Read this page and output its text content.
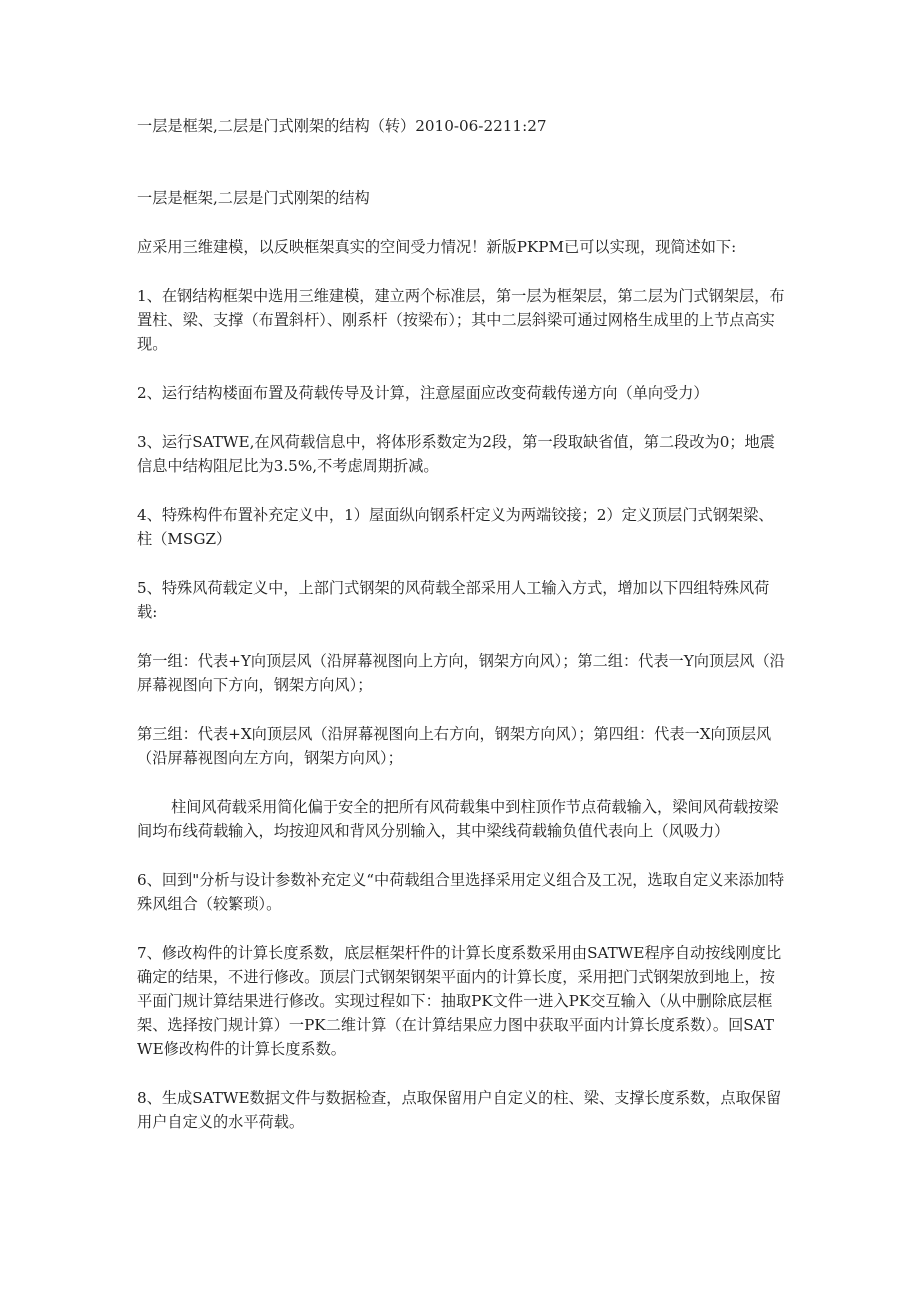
一层是框架,二层是门式刚架的结构（转）2010-06-2211:27

一层是框架,二层是门式刚架的结构

应采用三维建模，以反映框架真实的空间受力情况！新版PKPM已可以实现，现简述如下:

1、在钢结构框架中选用三维建模，建立两个标准层，第一层为框架层，第二层为门式钢架层，布置柱、梁、支撑（布置斜杆）、刚系杆（按梁布）；其中二层斜梁可通过网格生成里的上节点高实现。

2、运行结构楼面布置及荷载传导及计算，注意屋面应改变荷载传递方向（单向受力）

3、运行SATWE,在风荷载信息中，将体形系数定为2段，第一段取缺省值，第二段改为0；地震信息中结构阻尼比为3.5%,不考虑周期折减。

4、特殊构件布置补充定义中，1）屋面纵向钢系杆定义为两端铰接；2）定义顶层门式钢架梁、柱（MSGZ）

5、特殊风荷载定义中，上部门式钢架的风荷载全部采用人工输入方式，增加以下四组特殊风荷载:

第一组：代表+Y向顶层风（沿屏幕视图向上方向，钢架方向风）；第二组：代表一Y向顶层风（沿屏幕视图向下方向，钢架方向风）；

第三组：代表+X向顶层风（沿屏幕视图向上右方向，钢架方向风）；第四组：代表一X向顶层风（沿屏幕视图向左方向，钢架方向风）；

柱间风荷载采用简化偏于安全的把所有风荷载集中到柱顶作节点荷载输入，梁间风荷载按梁间均布线荷载输入，均按迎风和背风分别输入，其中梁线荷载输负值代表向上（风吸力）

6、回到"分析与设计参数补充定义“中荷载组合里选择采用定义组合及工况，选取自定义来添加特殊风组合（较繁琐）。

7、修改构件的计算长度系数，底层框架杆件的计算长度系数采用由SATWE程序自动按线刚度比确定的结果，不进行修改。顶层门式钢架钢架平面内的计算长度，采用把门式钢架放到地上，按平面门规计算结果进行修改。实现过程如下：抽取PK文件一进入PK交互输入（从中删除底层框架、选择按门规计算）一PK二维计算（在计算结果应力图中获取平面内计算长度系数）。回SATWE修改构件的计算长度系数。

8、生成SATWE数据文件与数据检查，点取保留用户自定义的柱、梁、支撑长度系数，点取保留用户自定义的水平荷载。
